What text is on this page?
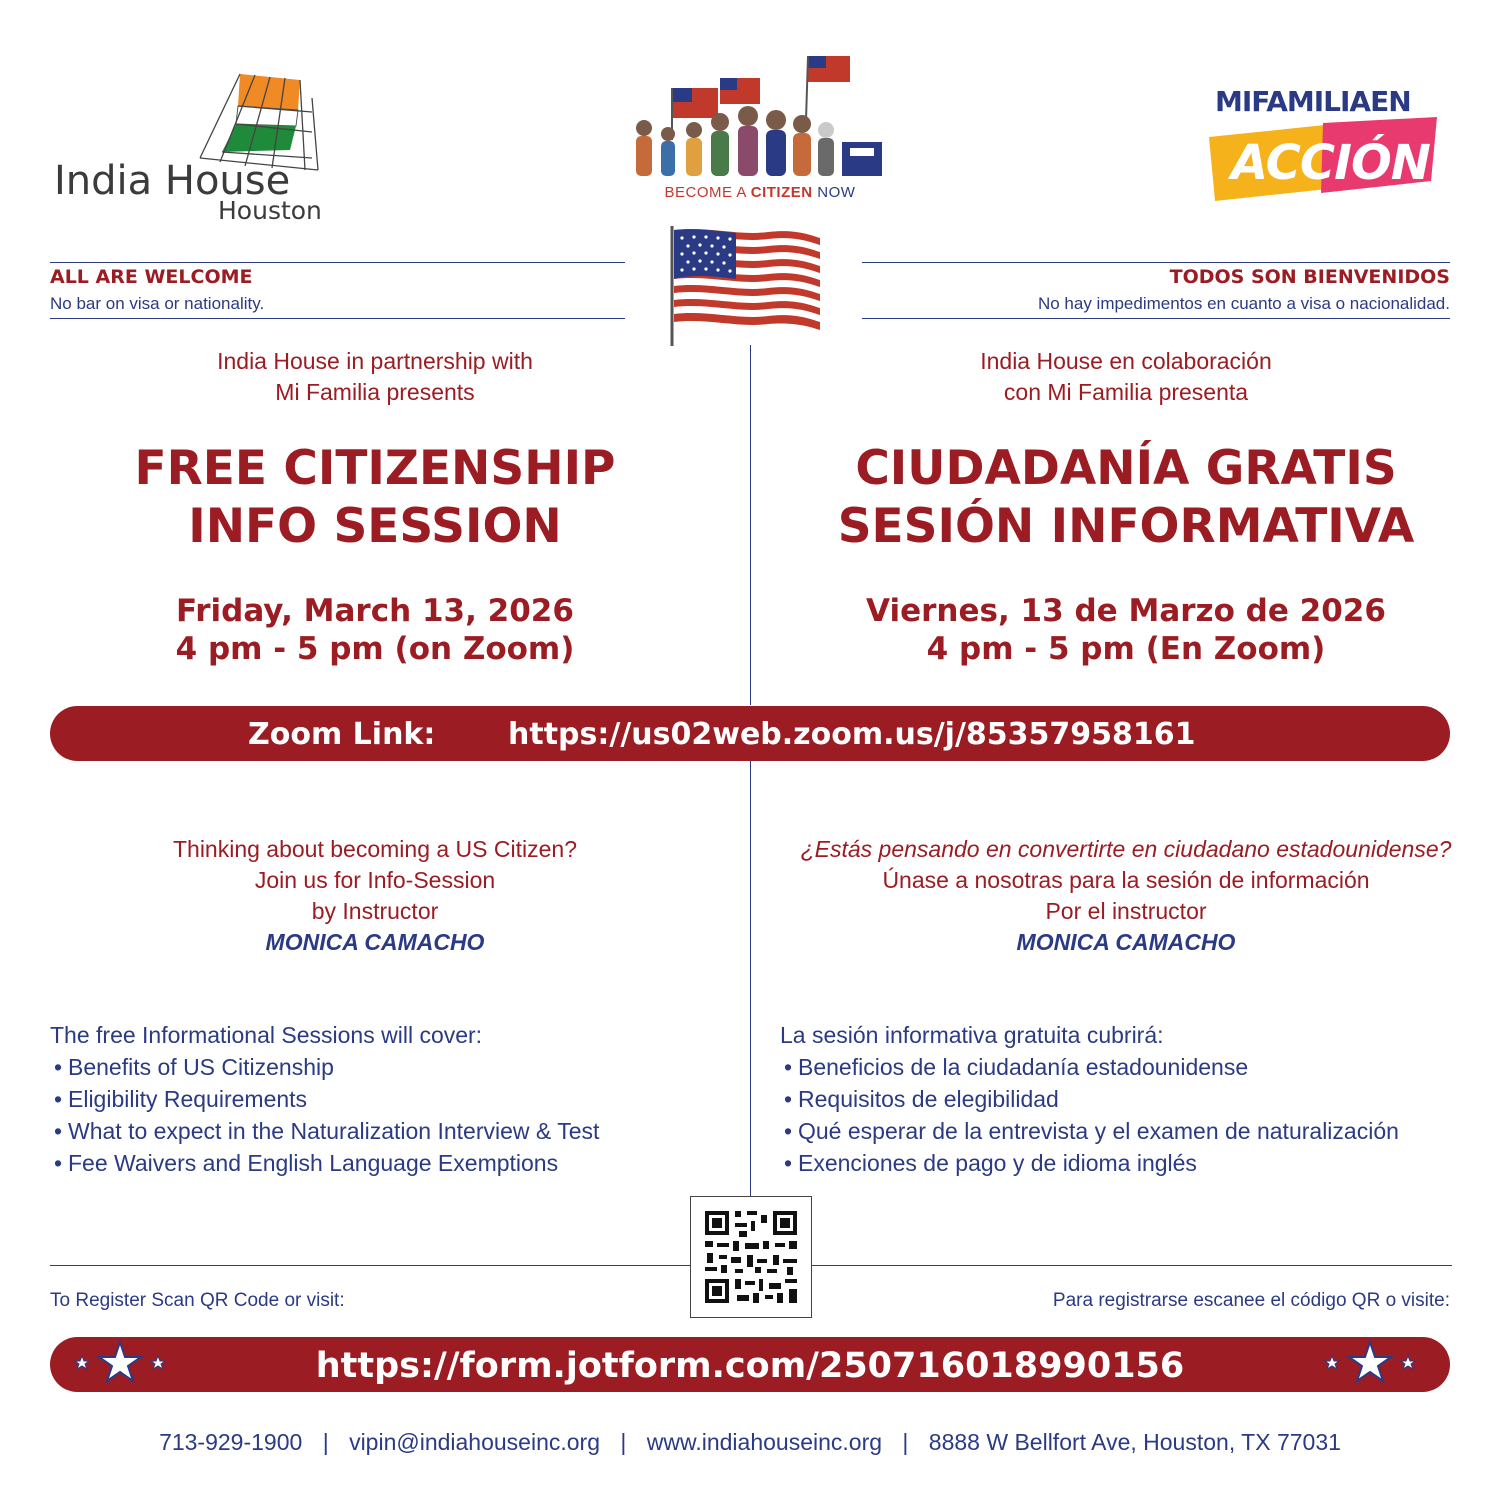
India House
Houston
BECOME A CITIZEN NOW
MIFAMILIAEN
ACCIÓN
ALL ARE WELCOME
No bar on visa or nationality.
TODOS SON BIENVENIDOS
No hay impedimentos en cuanto a visa o nacionalidad.
India House in partnership with
Mi Familia presents
India House en colaboración
con Mi Familia presenta
FREE CITIZENSHIP
INFO SESSION
CIUDADANÍA GRATIS
SESIÓN INFORMATIVA
Friday, March 13, 2026
4 pm - 5 pm (on Zoom)
Viernes, 13 de Marzo de 2026
4 pm - 5 pm (En Zoom)
Zoom Link: https://us02web.zoom.us/j/85357958161
Thinking about becoming a US Citizen?
Join us for Info-Session
by Instructor
MONICA CAMACHO
¿Estás pensando en convertirte en ciudadano estadounidense?
Únase a nosotras para la sesión de información
Por el instructor
MONICA CAMACHO
The free Informational Sessions will cover:
• Benefits of US Citizenship
• Eligibility Requirements
• What to expect in the Naturalization Interview & Test
• Fee Waivers and English Language Exemptions
La sesión informativa gratuita cubrirá:
• Beneficios de la ciudadanía estadounidense
• Requisitos de elegibilidad
• Qué esperar de la entrevista y el examen de naturalización
• Exenciones de pago y de idioma inglés
To Register Scan QR Code or visit:	Para registrarse escanee el código QR o visite:
https://form.jotform.com/250716018990156
713-929-1900 | vipin@indiahouseinc.org | www.indiahouseinc.org | 8888 W Bellfort Ave, Houston, TX 77031
